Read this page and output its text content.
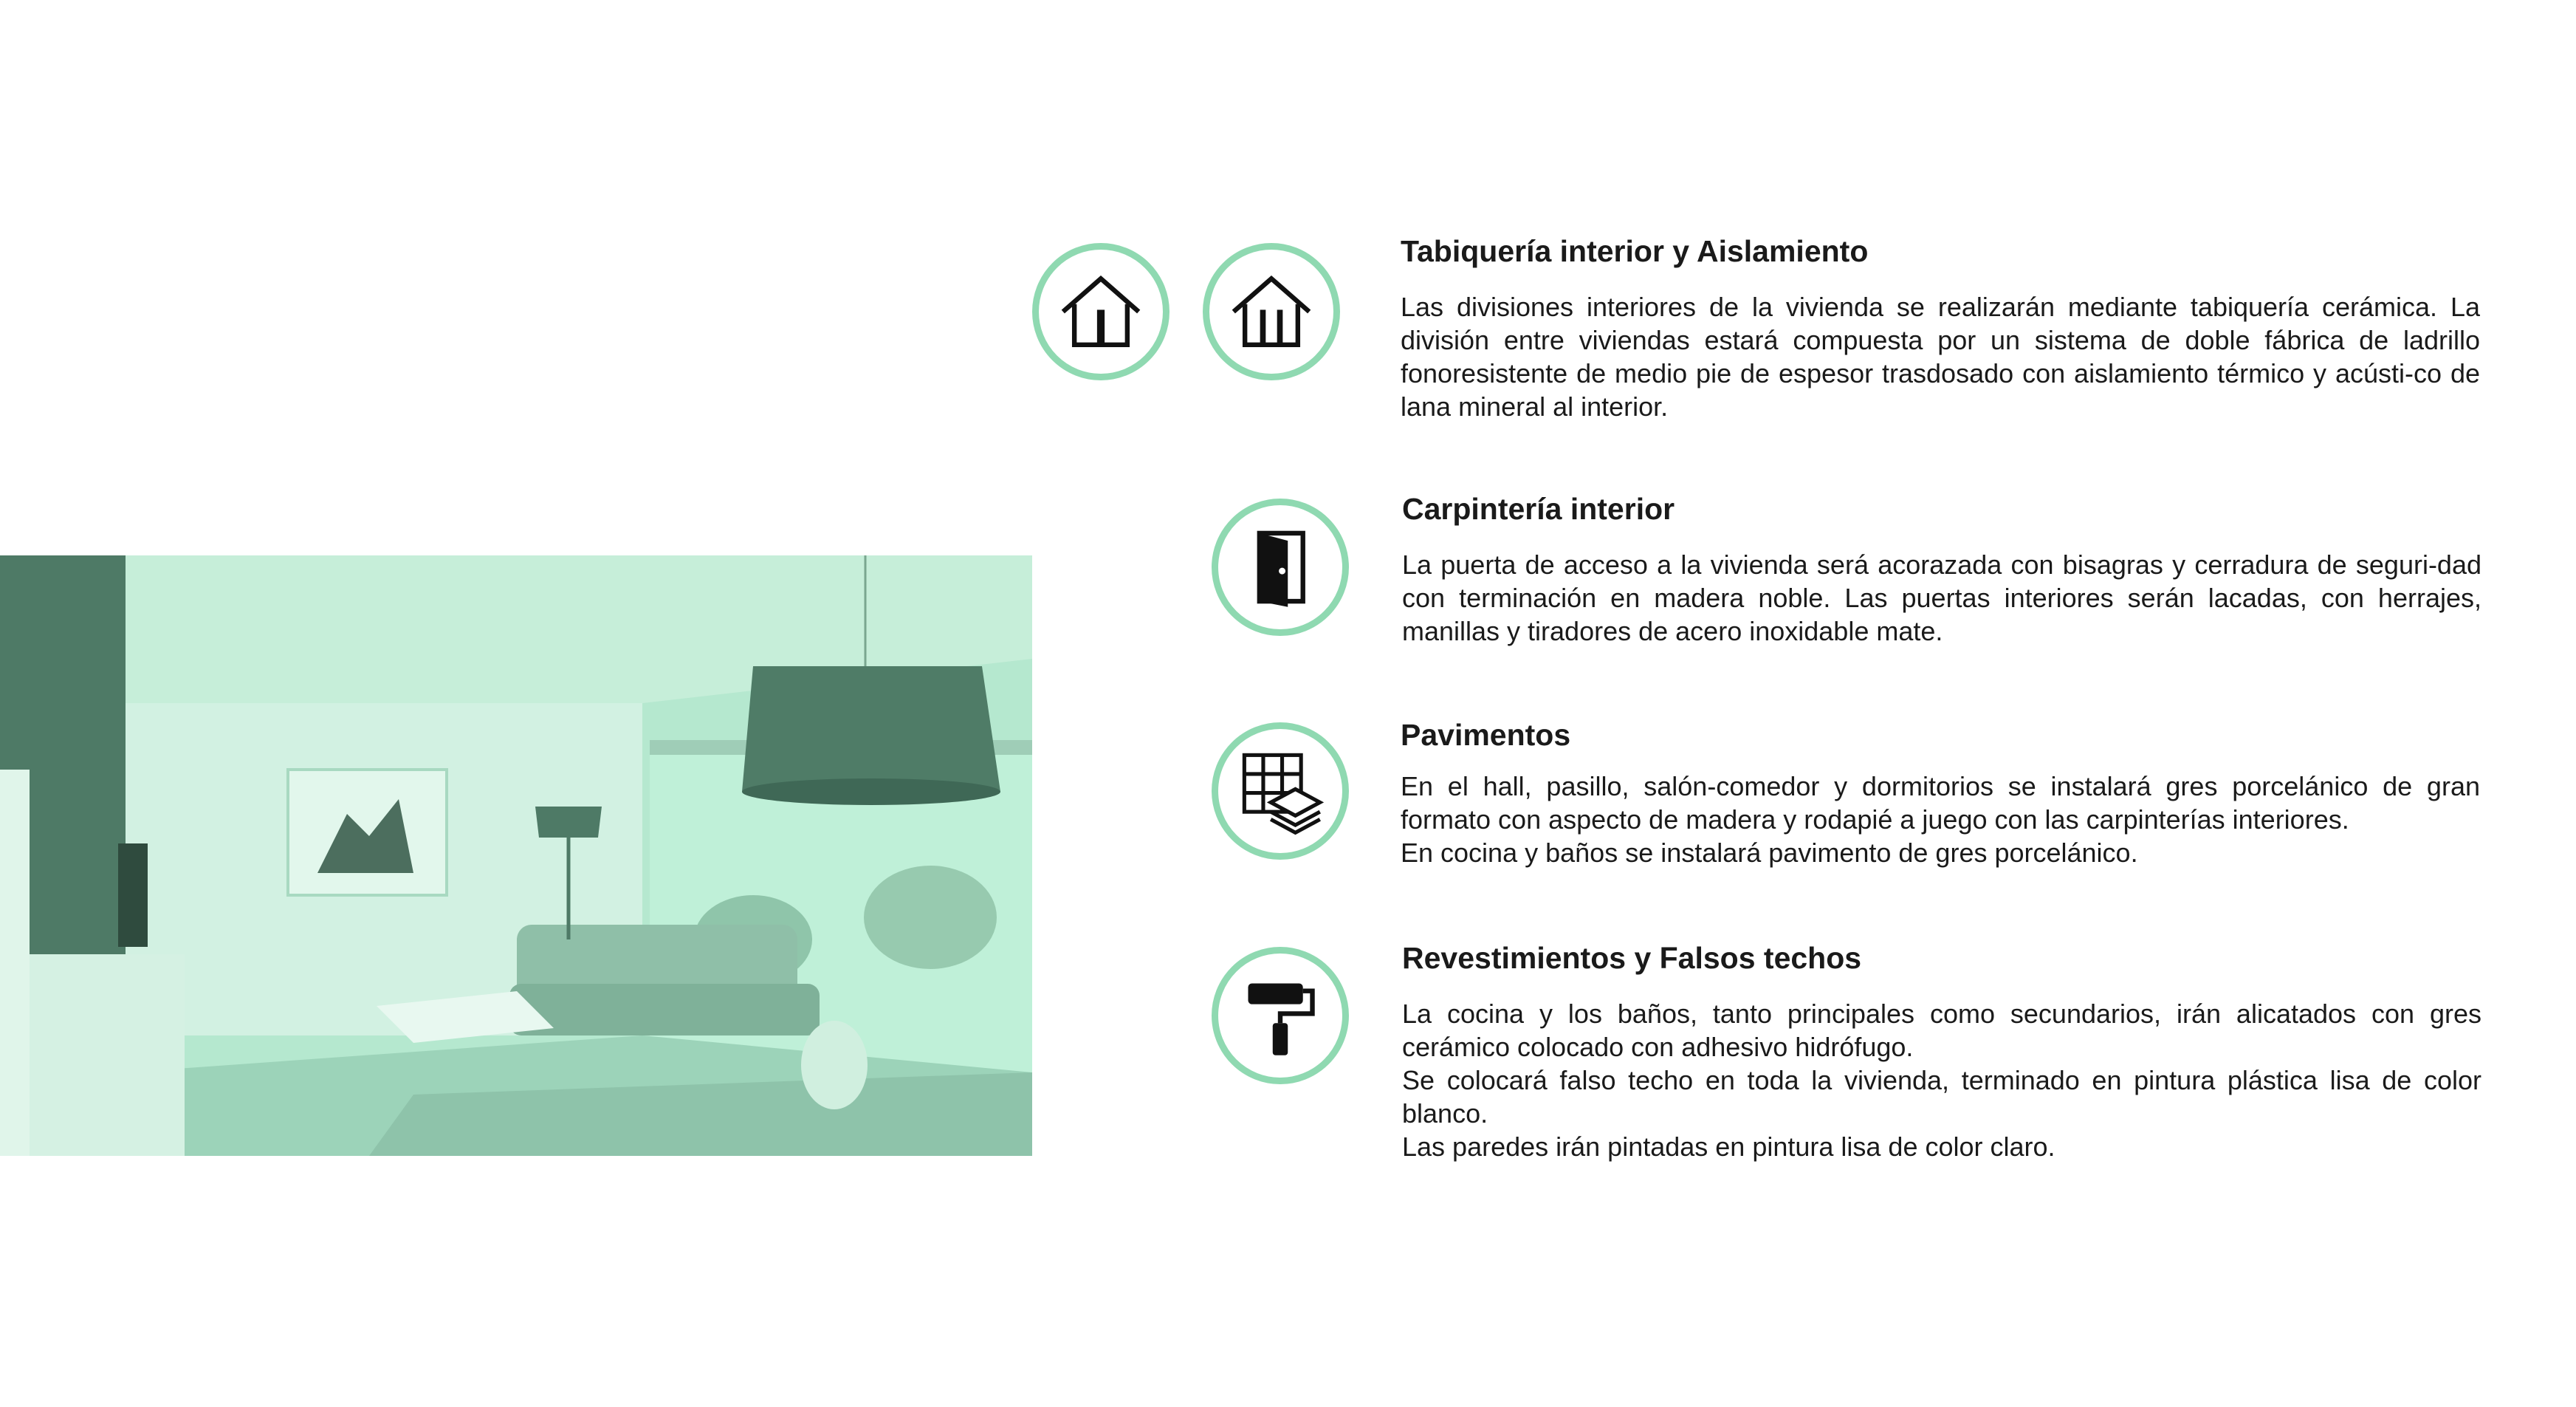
Tabiquería interior y Aislamiento

Las divisiones interiores de la vivienda se realizarán mediante tabiquería cerámica. La división entre viviendas estará compuesta por un sistema de doble fábrica de ladrillo fonoresistente de medio pie de espesor trasdosado con aislamiento térmico y acústi-co de lana mineral al interior.

Carpintería interior

La puerta de acceso a la vivienda será acorazada con bisagras y cerradura de seguri-dad con terminación en madera noble. Las puertas interiores serán lacadas, con herrajes, manillas y tiradores de acero inoxidable mate.

Pavimentos

En el hall, pasillo, salón-comedor y dormitorios se instalará gres porcelánico de gran formato con aspecto de madera y rodapié a juego con las carpinterías interiores.

En cocina y baños se instalará pavimento de gres porcelánico.

Revestimientos y Falsos techos

La cocina y los baños, tanto principales como secundarios, irán alicatados con gres cerámico colocado con adhesivo hidrófugo.

Se colocará falso techo en toda la vivienda, terminado en pintura plástica lisa de color blanco.

Las paredes irán pintadas en pintura lisa de color claro.
